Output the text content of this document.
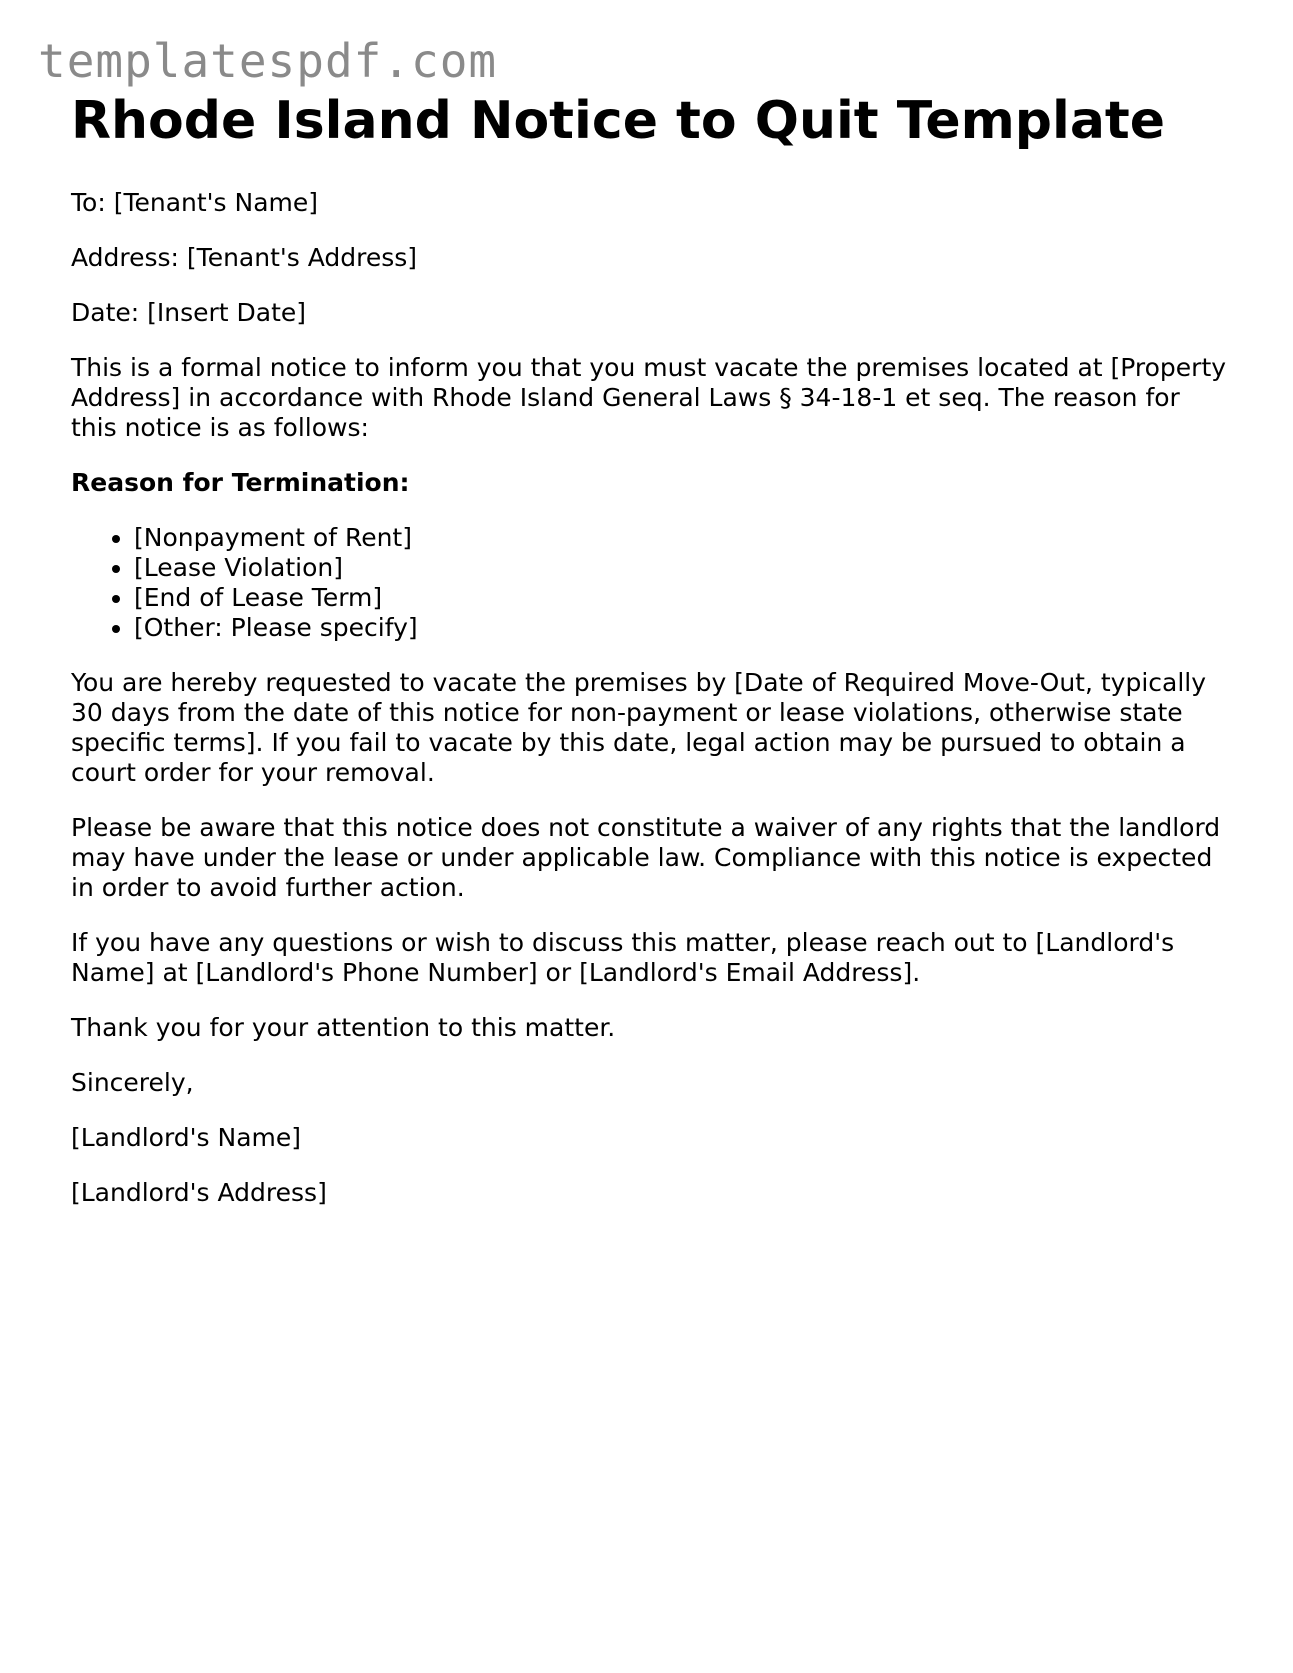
templatespdf.com
Rhode Island Notice to Quit Template

To: [Tenant's Name]

Address: [Tenant's Address]

Date: [Insert Date]

This is a formal notice to inform you that you must vacate the premises located at [Property Address] in accordance with Rhode Island General Laws § 34-18-1 et seq. The reason for this notice is as follows:

Reason for Termination:

• [Nonpayment of Rent]
• [Lease Violation]
• [End of Lease Term]
• [Other: Please specify]

You are hereby requested to vacate the premises by [Date of Required Move-Out, typically 30 days from the date of this notice for non-payment or lease violations, otherwise state specific terms]. If you fail to vacate by this date, legal action may be pursued to obtain a court order for your removal.

Please be aware that this notice does not constitute a waiver of any rights that the landlord may have under the lease or under applicable law. Compliance with this notice is expected in order to avoid further action.

If you have any questions or wish to discuss this matter, please reach out to [Landlord's Name] at [Landlord's Phone Number] or [Landlord's Email Address].

Thank you for your attention to this matter.

Sincerely,

[Landlord's Name]

[Landlord's Address]
